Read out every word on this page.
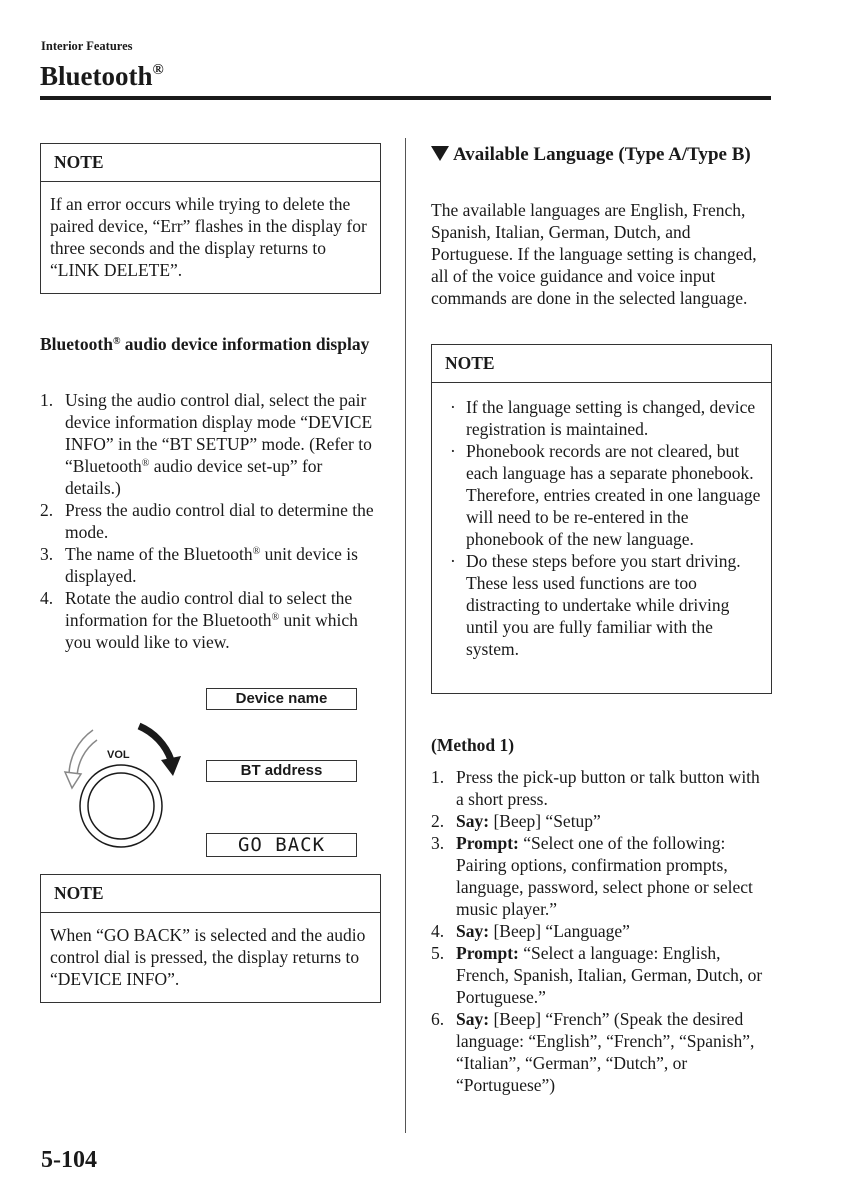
Interior Features
Bluetooth®
NOTE
If an error occurs while trying to delete the paired device, “Err” flashes in the display for three seconds and the display returns to “LINK DELETE”.
Bluetooth® audio device information display
1. Using the audio control dial, select the pair device information display mode “DEVICE INFO” in the “BT SETUP” mode. (Refer to “Bluetooth® audio device set-up” for details.)
2. Press the audio control dial to determine the mode.
3. The name of the Bluetooth® unit device is displayed.
4. Rotate the audio control dial to select the information for the Bluetooth® unit which you would like to view.
VOL
Device name
BT address
GO BACK
NOTE
When “GO BACK” is selected and the audio control dial is pressed, the display returns to “DEVICE INFO”.
Available Language (Type A/Type B)
The available languages are English, French, Spanish, Italian, German, Dutch, and Portuguese. If the language setting is changed, all of the voice guidance and voice input commands are done in the selected language.
NOTE
· If the language setting is changed, device registration is maintained.
· Phonebook records are not cleared, but each language has a separate phonebook. Therefore, entries created in one language will need to be re-entered in the phonebook of the new language.
· Do these steps before you start driving. These less used functions are too distracting to undertake while driving until you are fully familiar with the system.
(Method 1)
1. Press the pick-up button or talk button with a short press.
2. Say: [Beep] “Setup”
3. Prompt: “Select one of the following: Pairing options, confirmation prompts, language, password, select phone or select music player.”
4. Say: [Beep] “Language”
5. Prompt: “Select a language: English, French, Spanish, Italian, German, Dutch, or Portuguese.”
6. Say: [Beep] “French” (Speak the desired language: “English”, “French”, “Spanish”, “Italian”, “German”, “Dutch”, or “Portuguese”)
5-104
